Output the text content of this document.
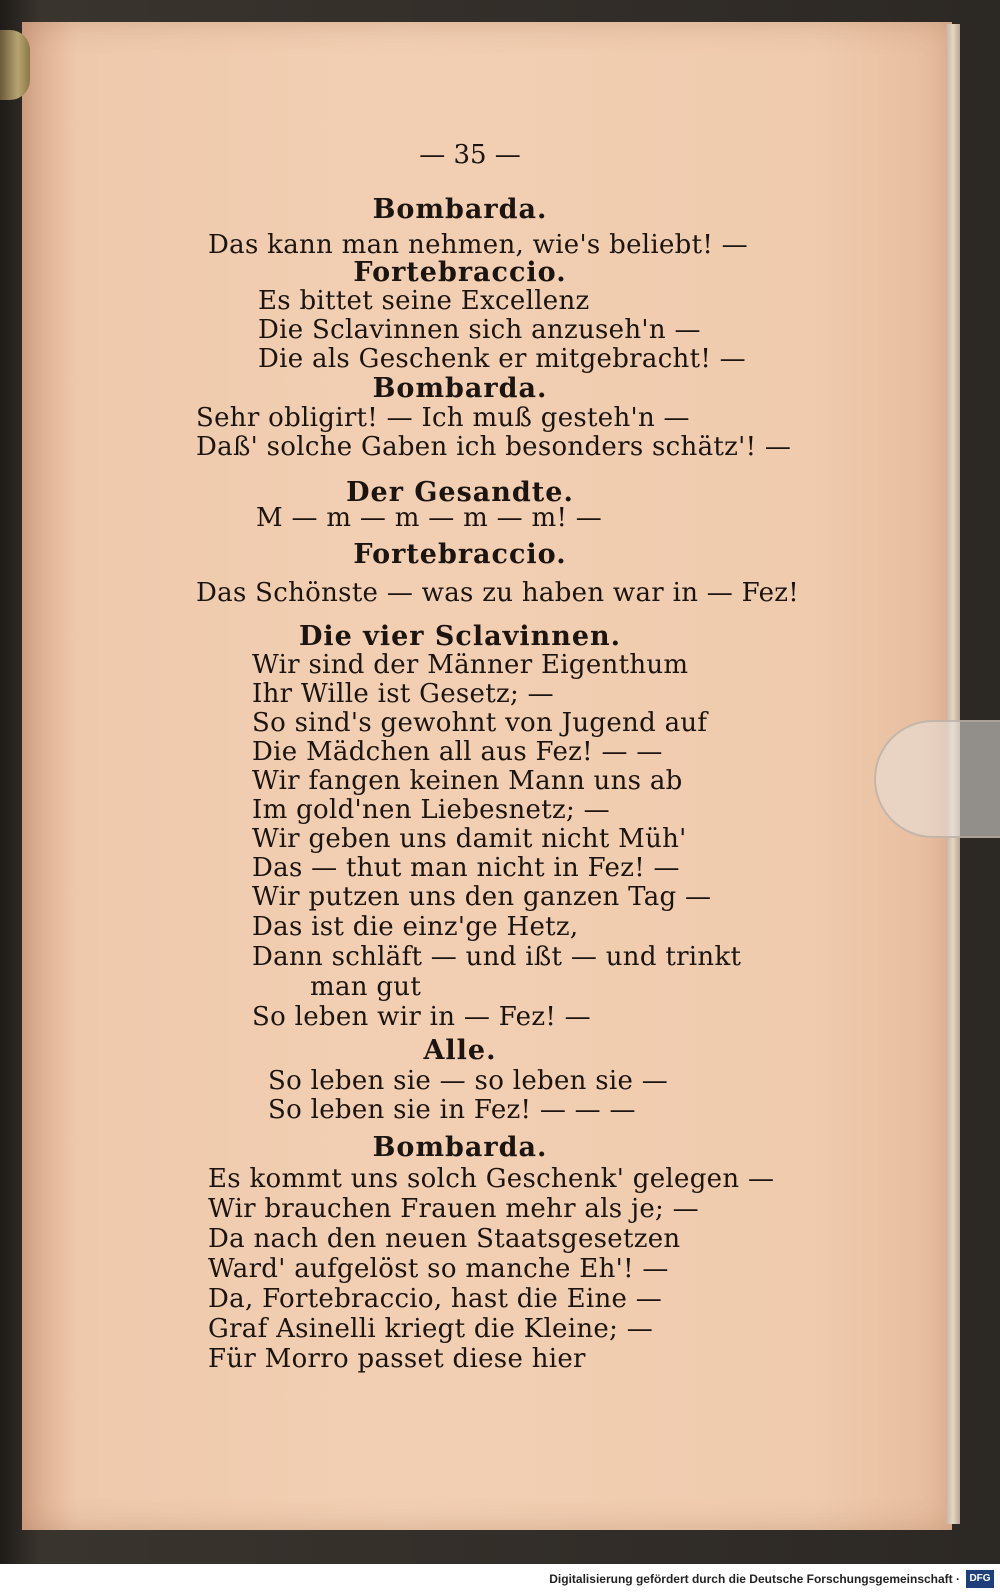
— 35 —
Bombarda.
Das kann man nehmen, wie's beliebt! —
Fortebraccio.
Es bittet seine Excellenz
Die Sclavinnen sich anzuseh'n —
Die als Geschenk er mitgebracht! —
Bombarda.
Sehr obligirt! — Ich muß gesteh'n —
Daß' solche Gaben ich besonders schätz'! —
Der Gesandte.
M — m — m — m — m! —
Fortebraccio.
Das Schönste — was zu haben war in — Fez!
Die vier Sclavinnen.
Wir sind der Männer Eigenthum
Ihr Wille ist Gesetz; —
So sind's gewohnt von Jugend auf
Die Mädchen all aus Fez! — —
Wir fangen keinen Mann uns ab
Im gold'nen Liebesnetz; —
Wir geben uns damit nicht Müh'
Das — thut man nicht in Fez! —
Wir putzen uns den ganzen Tag —
Das ist die einz'ge Hetz,
Dann schläft — und ißt — und trinkt
man gut
So leben wir in — Fez! —
Alle.
So leben sie — so leben sie —
So leben sie in Fez! — — —
Bombarda.
Es kommt uns solch Geschenk' gelegen —
Wir brauchen Frauen mehr als je; —
Da nach den neuen Staatsgesetzen
Ward' aufgelöst so manche Eh'! —
Da, Fortebraccio, hast die Eine —
Graf Asinelli kriegt die Kleine; —
Für Morro passet diese hier
Digitalisierung gefördert durch die Deutsche Forschungsgemeinschaft · DFG
